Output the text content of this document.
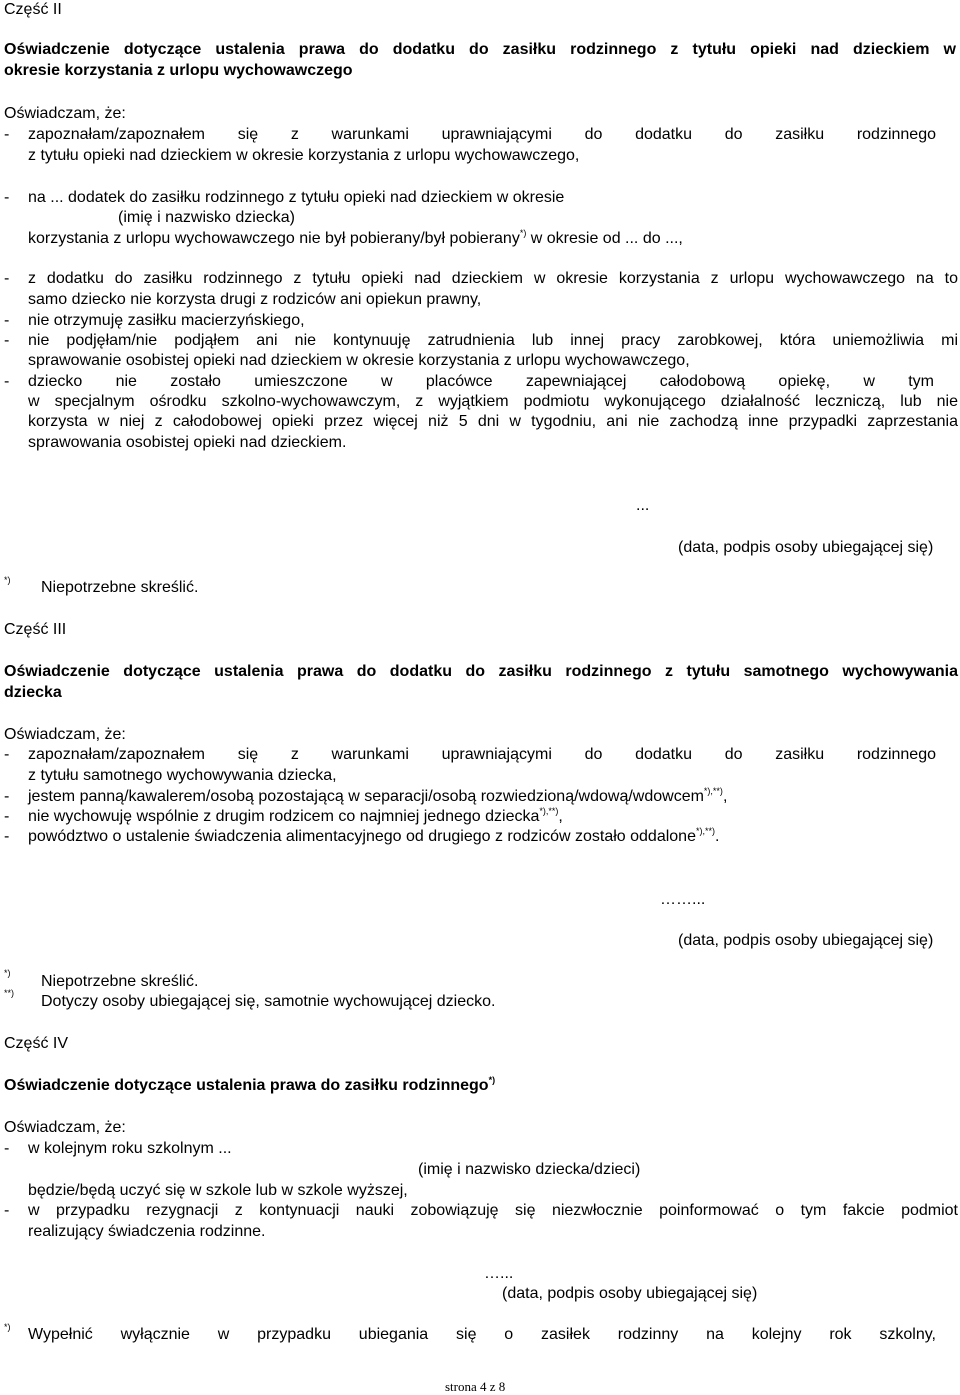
Część II
Oświadczenie dotyczące ustalenia prawa do dodatku do zasiłku rodzinnego z tytułu opieki nad dzieckiem w
okresie korzystania z urlopu wychowawczego
Oświadczam, że:
- zapoznałam/zapoznałem się z warunkami uprawniającymi do dodatku do zasiłku rodzinnego
z tytułu opieki nad dzieckiem w okresie korzystania z urlopu wychowawczego,
- na ... dodatek do zasiłku rodzinnego z tytułu opieki nad dzieckiem w okresie
(imię i nazwisko dziecka)
korzystania z urlopu wychowawczego nie był pobierany/był pobierany*) w okresie od ... do ...,
- z dodatku do zasiłku rodzinnego z tytułu opieki nad dzieckiem w okresie korzystania z urlopu wychowawczego na to
samo dziecko nie korzysta drugi z rodziców ani opiekun prawny,
- nie otrzymuję zasiłku macierzyńskiego,
- nie podjęłam/nie podjąłem ani nie kontynuuję zatrudnienia lub innej pracy zarobkowej, która uniemożliwia mi
sprawowanie osobistej opieki nad dzieckiem w okresie korzystania z urlopu wychowawczego,
- dziecko nie zostało umieszczone w placówce zapewniającej całodobową opiekę, w tym
w specjalnym ośrodku szkolno-wychowawczym, z wyjątkiem podmiotu wykonującego działalność leczniczą, lub nie
korzysta w niej z całodobowej opieki przez więcej niż 5 dni w tygodniu, ani nie zachodzą inne przypadki zaprzestania
sprawowania osobistej opieki nad dzieckiem.
...
(data, podpis osoby ubiegającej się)
*) Niepotrzebne skreślić.
Część III
Oświadczenie dotyczące ustalenia prawa do dodatku do zasiłku rodzinnego z tytułu samotnego wychowywania
dziecka
Oświadczam, że:
- zapoznałam/zapoznałem się z warunkami uprawniającymi do dodatku do zasiłku rodzinnego
z tytułu samotnego wychowywania dziecka,
- jestem panną/kawalerem/osobą pozostającą w separacji/osobą rozwiedzioną/wdową/wdowcem*),**),
- nie wychowuję wspólnie z drugim rodzicem co najmniej jednego dziecka*),**),
- powództwo o ustalenie świadczenia alimentacyjnego od drugiego z rodziców zostało oddalone*),**).
……...
(data, podpis osoby ubiegającej się)
*) Niepotrzebne skreślić.
**) Dotyczy osoby ubiegającej się, samotnie wychowującej dziecko.
Część IV
Oświadczenie dotyczące ustalenia prawa do zasiłku rodzinnego*)
Oświadczam, że:
- w kolejnym roku szkolnym ...
(imię i nazwisko dziecka/dzieci)
będzie/będą uczyć się w szkole lub w szkole wyższej,
- w przypadku rezygnacji z kontynuacji nauki zobowiązuję się niezwłocznie poinformować o tym fakcie podmiot
realizujący świadczenia rodzinne.
…...
(data, podpis osoby ubiegającej się)
*) Wypełnić wyłącznie w przypadku ubiegania się o zasiłek rodzinny na kolejny rok szkolny,
strona 4 z 8
